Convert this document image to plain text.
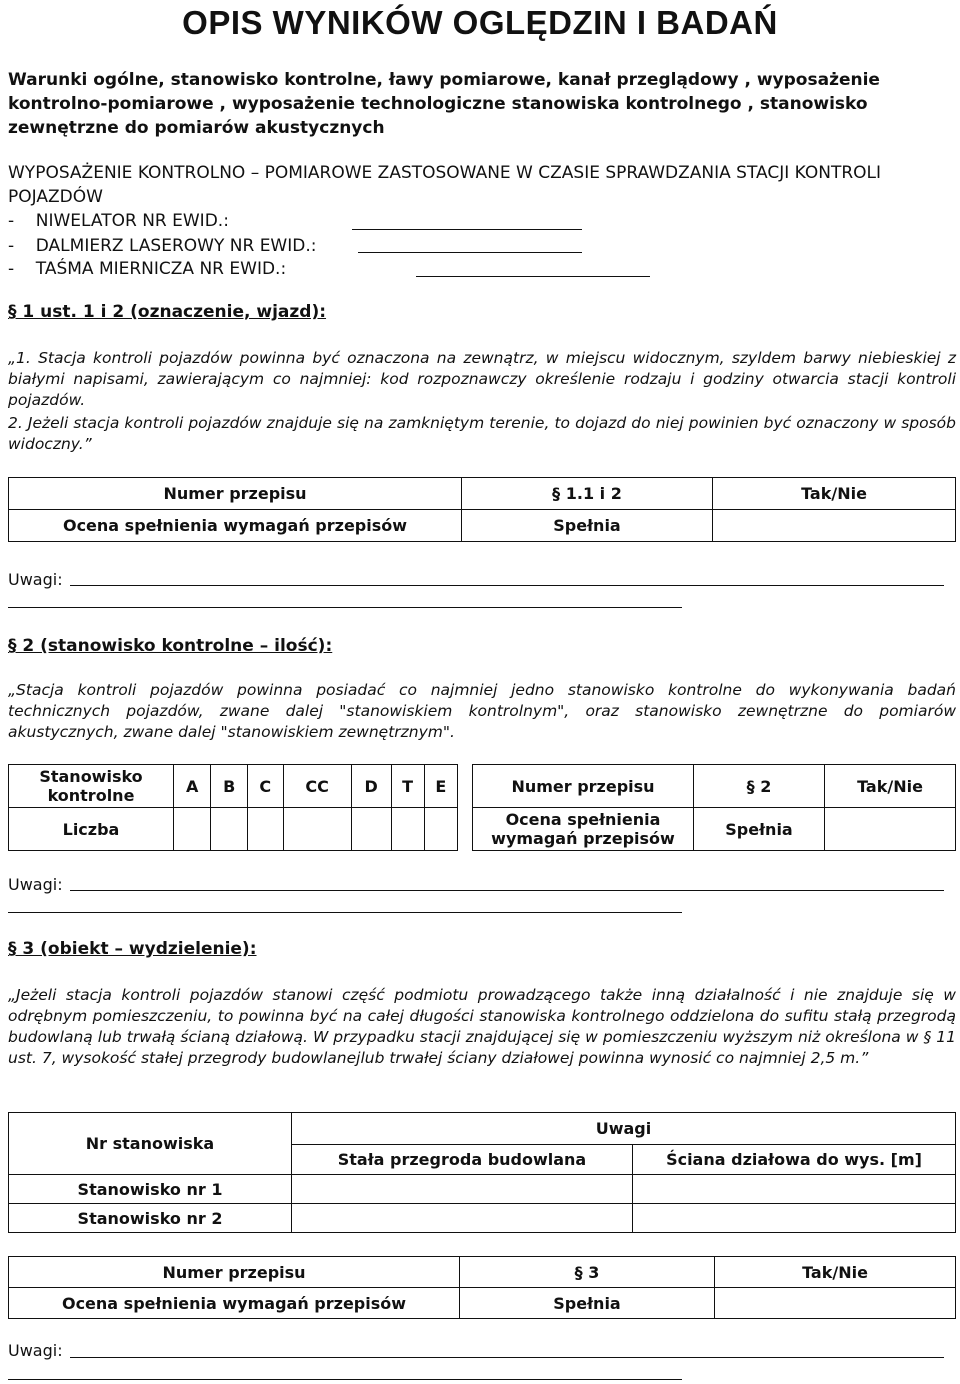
OPIS WYNIKÓW OGLĘDZIN I BADAŃ
Warunki ogólne, stanowisko kontrolne, ławy pomiarowe, kanał przeglądowy , wyposażenie kontrolno-pomiarowe , wyposażenie technologiczne stanowiska kontrolnego , stanowisko zewnętrzne do pomiarów akustycznych
WYPOSAŻENIE KONTROLNO – POMIAROWE ZASTOSOWANE W CZASIE SPRAWDZANIA STACJI KONTROLI POJAZDÓW
- NIWELATOR NR EWID.:
- DALMIERZ LASEROWY NR EWID.:
- TAŚMA MIERNICZA NR EWID.:
§ 1 ust. 1 i 2 (oznaczenie, wjazd):
„1. Stacja kontroli pojazdów powinna być oznaczona na zewnątrz, w miejscu widocznym, szyldem barwy niebieskiej z białymi napisami, zawierającym co najmniej: kod rozpoznawczy określenie rodzaju i godziny otwarcia stacji kontroli pojazdów.
2. Jeżeli stacja kontroli pojazdów znajduje się na zamkniętym terenie, to dojazd do niej powinien być oznaczony w sposób widoczny.”
Numer przepisu	§ 1.1 i 2	Tak/Nie
Ocena spełnienia wymagań przepisów	Spełnia	
Uwagi:
§ 2 (stanowisko kontrolne – ilość):
„Stacja kontroli pojazdów powinna posiadać co najmniej jedno stanowisko kontrolne do wykonywania badań technicznych pojazdów, zwane dalej "stanowiskiem kontrolnym", oraz stanowisko zewnętrzne do pomiarów akustycznych, zwane dalej "stanowiskiem zewnętrznym".
Stanowisko kontrolne	A	B	C	CC	D	T	E
Liczba							
Numer przepisu	§ 2	Tak/Nie
Ocena spełnienia wymagań przepisów	Spełnia	
Uwagi:
§ 3 (obiekt – wydzielenie):
„Jeżeli stacja kontroli pojazdów stanowi część podmiotu prowadzącego także inną działalność i nie znajduje się w odrębnym pomieszczeniu, to powinna być na całej długości stanowiska kontrolnego oddzielona do sufitu stałą przegrodą budowlaną lub trwałą ścianą działową. W przypadku stacji znajdującej się w pomieszczeniu wyższym niż określona w § 11 ust. 7, wysokość stałej przegrody budowlanejlub trwałej ściany działowej powinna wynosić co najmniej 2,5 m.”
Nr stanowiska	Uwagi	
	Stała przegroda budowlana	Ściana działowa do wys. [m]
Stanowisko nr 1		
Stanowisko nr 2		
Numer przepisu	§ 3	Tak/Nie
Ocena spełnienia wymagań przepisów	Spełnia	
Uwagi:
